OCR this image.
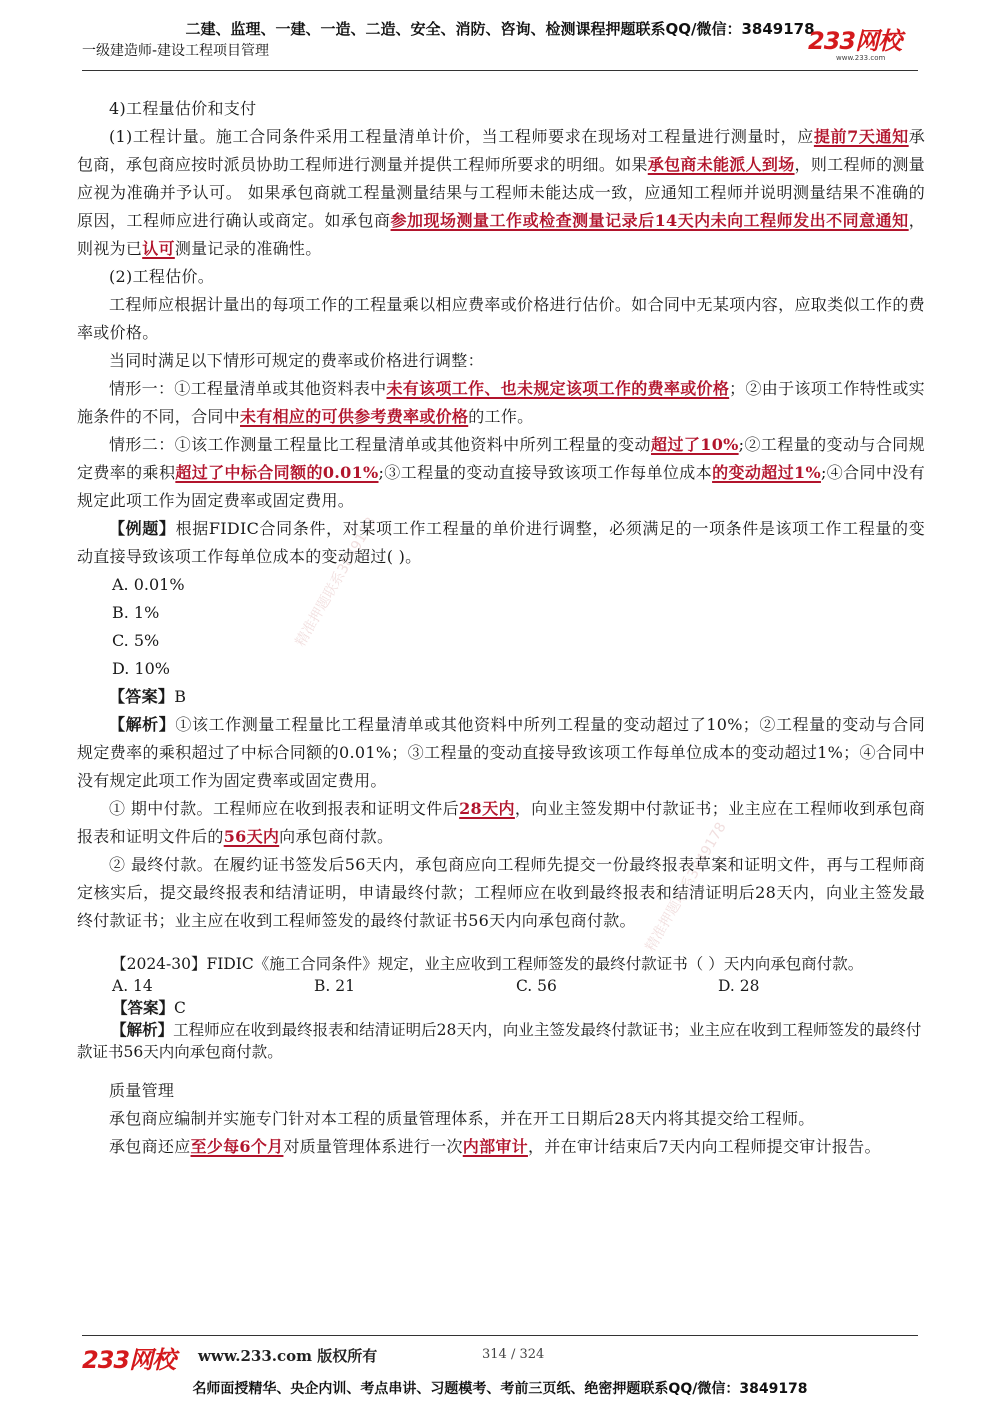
二建、监理、一建、一造、二造、安全、消防、咨询、检测课程押题联系QQ/微信：3849178
一级建造师-建设工程项目管理	233网校
www.233.com
精准押题联系3849178
精准押题联系3849178

4)工程量估价和支付

(1)工程计量。施工合同条件采用工程量清单计价，当工程师要求在现场对工程量进行测量时，应提前7天通知承包商，承包商应按时派员协助工程师进行测量并提供工程师所要求的明细。如果承包商未能派人到场，则工程师的测量应视为准确并予认可。 如果承包商就工程量测量结果与工程师未能达成一致，应通知工程师并说明测量结果不准确的原因，工程师应进行确认或商定。如承包商参加现场测量工作或检查测量记录后14天内未向工程师发出不同意通知，则视为已认可测量记录的准确性。

(2)工程估价。

工程师应根据计量出的每项工作的工程量乘以相应费率或价格进行估价。如合同中无某项内容，应取类似工作的费率或价格。

当同时满足以下情形可规定的费率或价格进行调整：

情形一：①工程量清单或其他资料表中未有该项工作、也未规定该项工作的费率或价格；②由于该项工作特性或实施条件的不同，合同中未有相应的可供参考费率或价格的工作。

情形二：①该工作测量工程量比工程量清单或其他资料中所列工程量的变动超过了10%;②工程量的变动与合同规定费率的乘积超过了中标合同额的0.01%;③工程量的变动直接导致该项工作每单位成本的变动超过1%;④合同中没有规定此项工作为固定费率或固定费用。

【例题】根据FIDIC合同条件，对某项工作工程量的单价进行调整，必须满足的一项条件是该项工作工程量的变动直接导致该项工作每单位成本的变动超过( )。

A. 0.01%

B. 1%

C. 5%

D. 10%

【答案】B

【解析】①该工作测量工程量比工程量清单或其他资料中所列工程量的变动超过了10%；②工程量的变动与合同规定费率的乘积超过了中标合同额的0.01%；③工程量的变动直接导致该项工作每单位成本的变动超过1%；④合同中没有规定此项工作为固定费率或固定费用。

① 期中付款。工程师应在收到报表和证明文件后28天内，向业主签发期中付款证书；业主应在工程师收到承包商报表和证明文件后的56天内向承包商付款。

② 最终付款。在履约证书签发后56天内，承包商应向工程师先提交一份最终报表草案和证明文件，再与工程师商定核实后，提交最终报表和结清证明，申请最终付款；工程师应在收到最终报表和结清证明后28天内，向业主签发最终付款证书；业主应在收到工程师签发的最终付款证书56天内向承包商付款。

【2024-30】FIDIC《施工合同条件》规定，业主应收到工程师签发的最终付款证书（ ）天内向承包商付款。

A. 14	B. 21	C. 56	D. 28

【答案】C

【解析】工程师应在收到最终报表和结清证明后28天内，向业主签发最终付款证书；业主应在收到工程师签发的最终付款证书56天内向承包商付款。

质量管理

承包商应编制并实施专门针对本工程的质量管理体系，并在开工日期后28天内将其提交给工程师。

承包商还应至少每6个月对质量管理体系进行一次内部审计，并在审计结束后7天内向工程师提交审计报告。

233网校 www.233.com 版权所有	314 / 324
名师面授精华、央企内训、考点串讲、习题模考、考前三页纸、绝密押题联系QQ/微信：3849178
